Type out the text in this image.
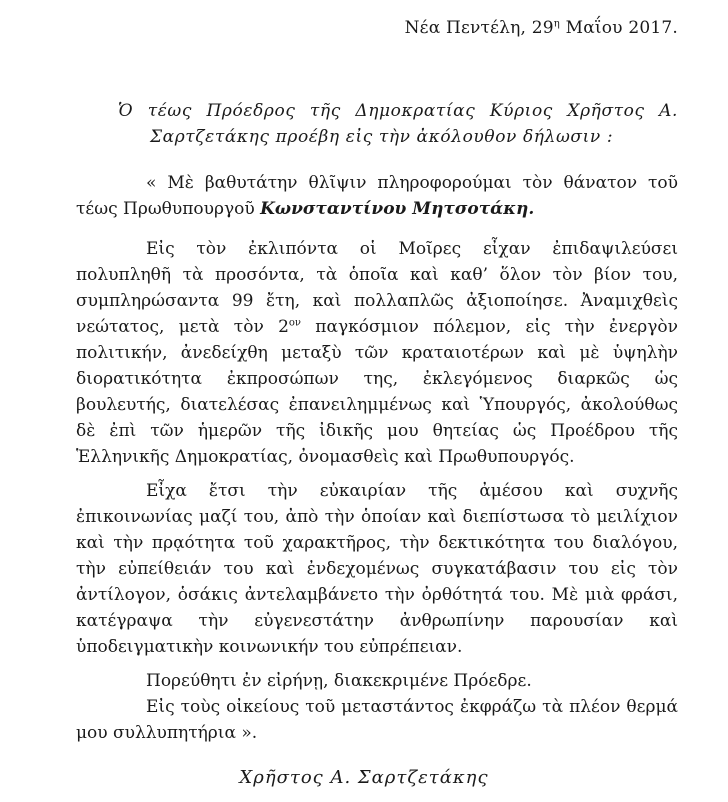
Νέα Πεντέλη, $29^\eta$ Μαΐου 2017.
Ὁ τέως Πρόεδρος τῆς Δημοκρατίας Κύριος Χρῆστος Α.
Σαρτζετάκης προέβη εἰς τὴν ἀκόλουθον δήλωσιν :

« Μὲ βαθυτάτην θλῖψιν πληροφορούμαι τὸν θάνατον τοῦ τέως Πρωθυπουργοῦ Κωνσταντίνου Μητσοτάκη.

Εἰς τὸν ἐκλιπόντα οἱ Μοῖρες εἶχαν ἐπιδαψιλεύσει πολυπληθῆ τὰ προσόντα, τὰ ὁποῖα καὶ καθ’ ὅλον τὸν βίον του, συμπληρώσαντα 99 ἔτη, καὶ πολλαπλῶς ἀξιοποίησε. Ἀναμιχθεὶς νεώτατος, μετὰ τὸν $2^{o\nu}$ παγκόσμιον πόλεμον, εἰς τὴν ἐνεργὸν πολιτικήν, ἀνεδείχθη μεταξὺ τῶν κραταιοτέρων καὶ μὲ ὑψηλὴν διορατικότητα ἐκπροσώπων της, ἐκλεγόμενος διαρκῶς ὡς βουλευτής, διατελέσας ἐπανειλημμένως καὶ Ὑπουργός, ἀκολούθως δὲ ἐπὶ τῶν ἡμερῶν τῆς ἰδικῆς μου θητείας ὡς Προέδρου τῆς Ἑλληνικῆς Δημοκρατίας, ὀνομασθεὶς καὶ Πρωθυπουργός.

Εἶχα ἔτσι τὴν εὐκαιρίαν τῆς ἀμέσου καὶ συχνῆς ἐπικοινωνίας μαζί του, ἀπὸ τὴν ὁποίαν καὶ διεπίστωσα τὸ μειλίχιον καὶ τὴν πρᾳότητα τοῦ χαρακτῆρος, τὴν δεκτικότητα του διαλόγου, τὴν εὐπείθειάν του καὶ ἐνδεχομένως συγκατάβασιν του εἰς τὸν ἀντίλογον, ὁσάκις ἀντελαμβάνετο τὴν ὀρθότητά του. Μὲ μιὰ φράσι, κατέγραψα τὴν εὐγενεστάτην ἀνθρωπίνην παρουσίαν καὶ ὑποδειγματικὴν κοινωνικήν του εὐπρέπειαν.

Πορεύθητι ἐν εἰρήνῃ, διακεκριμένε Πρόεδρε.

Εἰς τοὺς οἰκείους τοῦ μεταστάντος ἐκφράζω τὰ πλέον θερμά μου συλλυπητήρια ».

Χρῆστος Α. Σαρτζετάκης
